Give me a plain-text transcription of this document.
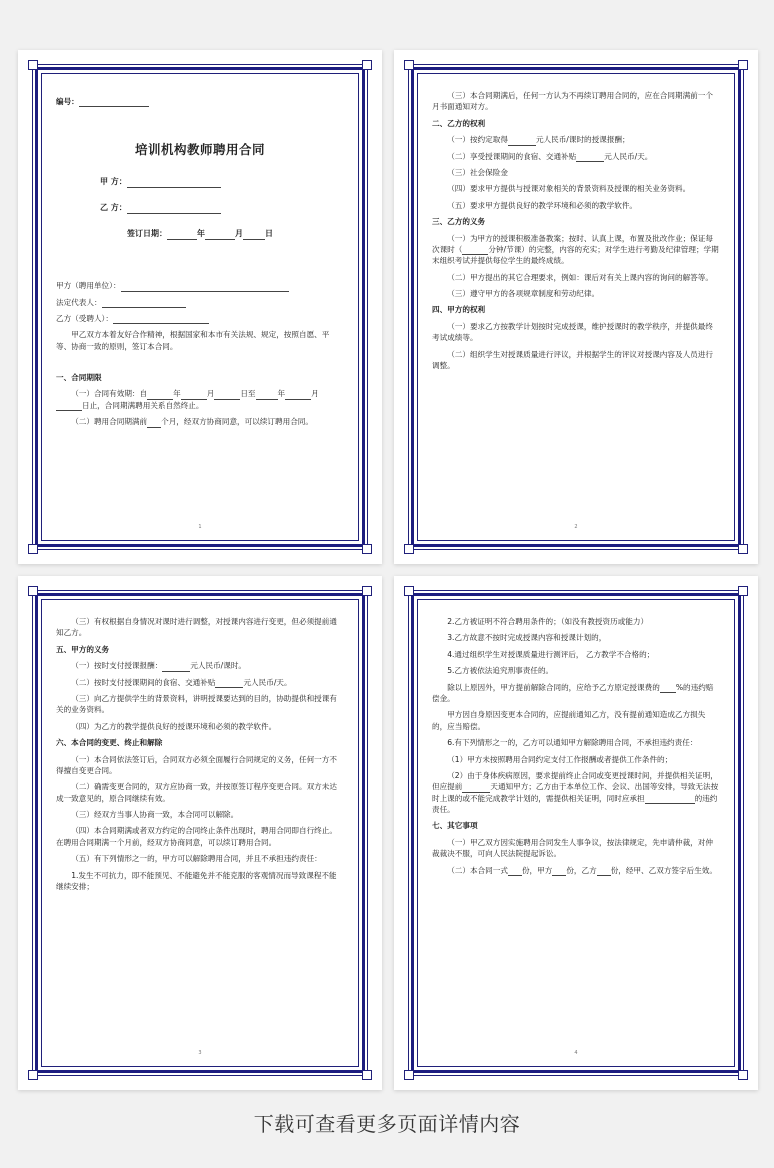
编号：

培训机构教师聘用合同
甲 方：
乙 方：
签订日期：	年	月	日

甲方（聘用单位）：

法定代表人：

乙方（受聘人）：

甲乙双方本着友好合作精神，根据国家和本市有关法规、规定，按照自愿、平等、协商一致的原则，签订本合同。

一、合同期限

（一）合同有效期：自	年	月	日至	年	月日止，合同期满聘用关系自然终止。

（二）聘用合同期满前 个月，经双方协商同意，可以续订聘用合同。

1

（三）本合同期满后，任何一方认为不再续订聘用合同的，应在合同期满前一个月书面通知对方。

二、乙方的权利

（一）按约定取得	元人民币/课时的授课报酬；

（二）享受授课期间的食宿、交通补贴	元人民币/天。

（三）社会保险金

（四）要求甲方提供与授课对象相关的背景资料及授课的相关业务资料。

（五）要求甲方提供良好的教学环境和必须的教学软件。

三、乙方的义务

（一）为甲方的授课积极准备教案；按时、认真上课，布置及批改作业；保证每次课时（	分钟/节课）的完整，内容的充实；对学生进行考勤及纪律管理；学期末组织考试并提供每位学生的最终成绩。

（二）甲方提出的其它合理要求，例如：课后对有关上课内容的询问的解答等。

（三）遵守甲方的各项规章制度和劳动纪律。

四、甲方的权利

（一）要求乙方按教学计划按时完成授课，维护授课时的教学秩序，并提供最终考试成绩等。

（二）组织学生对授课质量进行评议，并根据学生的评议对授课内容及人员进行调整。

2

（三）有权根据自身情况对课时进行调整，对授课内容进行变更，但必须提前通知乙方。

五、甲方的义务

（一）按时支付授课报酬：	元人民币/课时。

（二）按时支付授课期间的食宿、交通补贴	元人民币/天。

（三）向乙方提供学生的背景资料，讲明授课要达到的目的，协助提供和授课有关的业务资料。

（四）为乙方的教学提供良好的授课环境和必须的教学软件。

六、本合同的变更、终止和解除

（一）本合同依法签订后，合同双方必须全面履行合同规定的义务，任何一方不得擅自变更合同。

（二）确需变更合同的，双方应协商一致，并按原签订程序变更合同。双方未达成一致意见的，原合同继续有效。

（三）经双方当事人协商一致，本合同可以解除。

（四）本合同期满或者双方约定的合同终止条件出现时，聘用合同即自行终止。在聘用合同期满一个月前，经双方协商同意，可以续订聘用合同。

（五）有下列情形之一的，甲方可以解除聘用合同，并且不承担违约责任：

1.发生不可抗力，即不能预见、不能避免并不能克服的客观情况而导致课程不能继续安排；

3

2.乙方被证明不符合聘用条件的；（如没有教授资历或能力）

3.乙方故意不按时完成授课内容和授课计划的，

4.通过组织学生对授课质量进行测评后， 乙方教学不合格的；

5.乙方被依法追究刑事责任的。

除以上原因外，甲方提前解除合同的，应给予乙方原定授课费的 %的违约赔偿金。

甲方因自身原因变更本合同的，应提前通知乙方，没有提前通知造成乙方损失的，应当赔偿。

6.有下列情形之一的，乙方可以通知甲方解除聘用合同，不承担违约责任：

（1）甲方未按照聘用合同约定支付工作报酬或者提供工作条件的；

（2）由于身体疾病原因，要求提前终止合同或变更授课时间，并提供相关证明，但应提前	天通知甲方；乙方由于本单位工作、会议、出国等安排，导致无法按时上课的或不能完成教学计划的，需提供相关证明，同时应承担	的违约责任。

七、其它事项

（一）甲乙双方因实施聘用合同发生人事争议，按法律规定，先申请仲裁，对仲裁裁决不服，可向人民法院提起诉讼。

（二）本合同一式 份，甲方 份，乙方 份，经甲、乙双方签字后生效。

4
下载可查看更多页面详情内容
